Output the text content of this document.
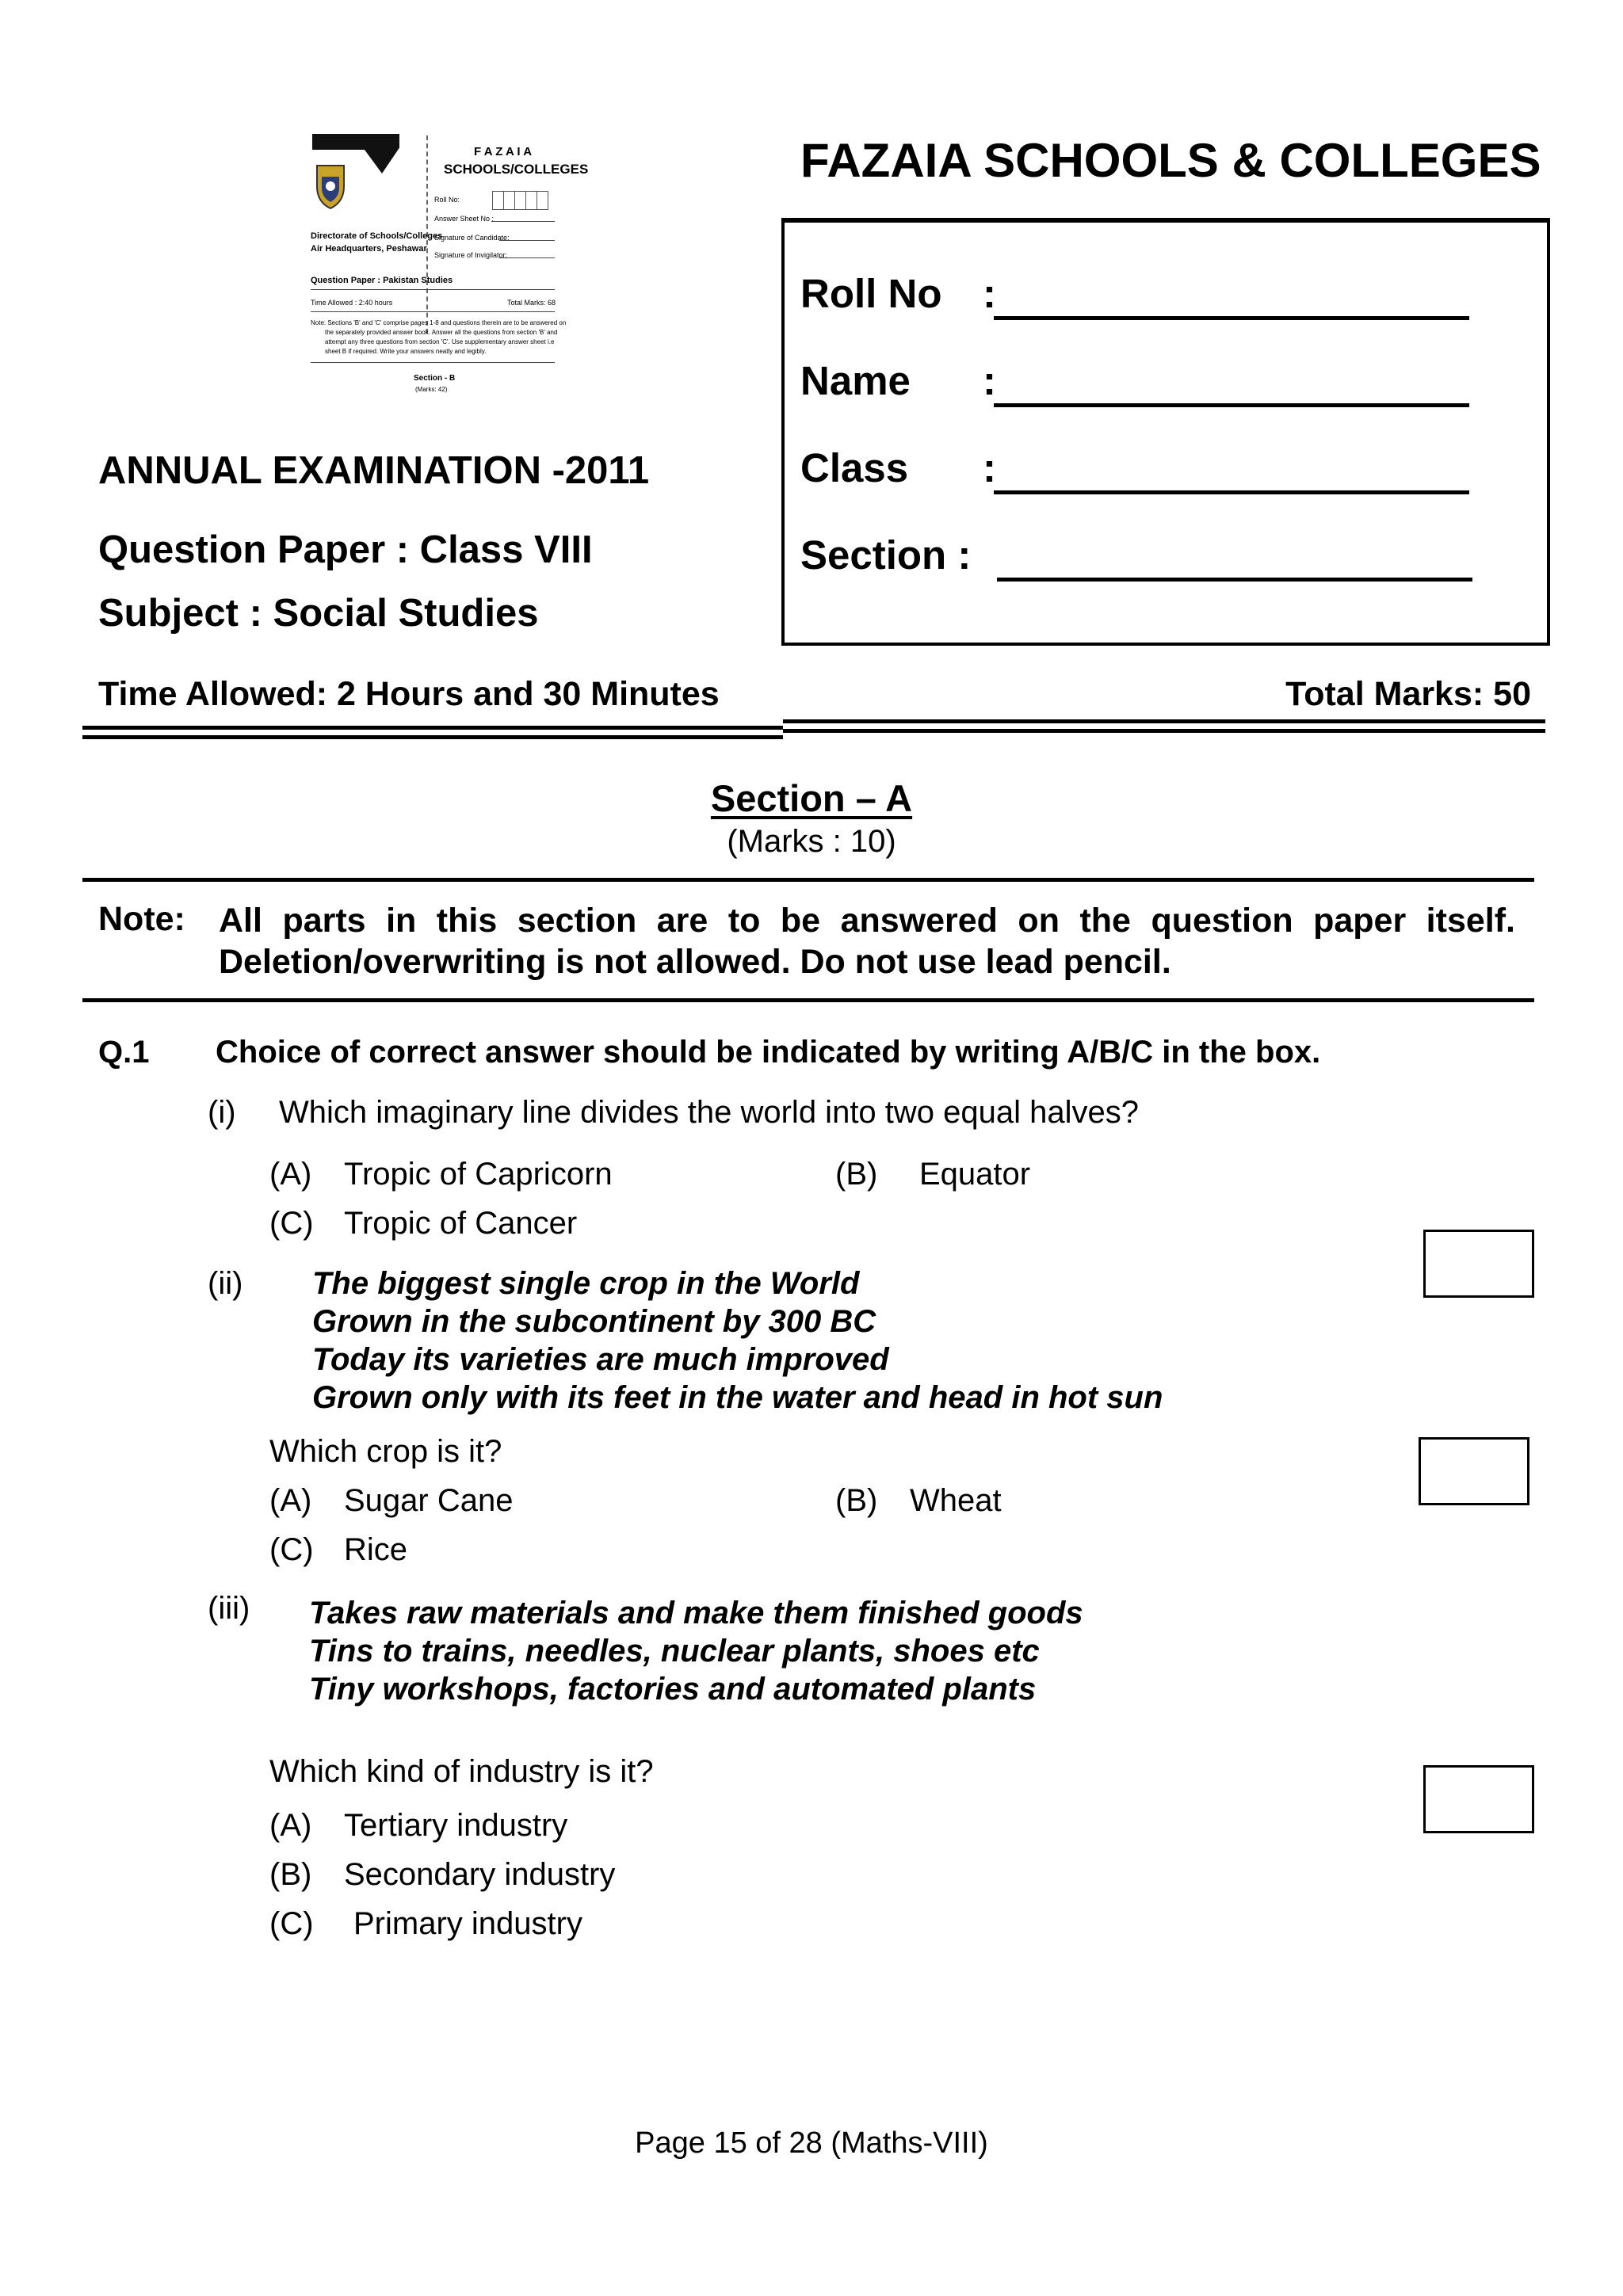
F A Z A I A
SCHOOLS/COLLEGES
Roll No:
Answer Sheet No :
Directorate of Schools/Colleges
Air Headquarters, Peshawar
Signature of Candidate:
Signature of Invigilator:
Question Paper : Pakistan Studies
Time Allowed : 2:40 hours	Total Marks: 68
Note: Sections 'B' and 'C' comprise pages 1-8 and questions therein are to be answered on
the separately provided answer book. Answer all the questions from section 'B' and
attempt any three questions from section 'C'. Use supplementary answer sheet i.e
sheet B if required. Write your answers neatly and legibly.
Section - B
(Marks: 42)
FAZAIA SCHOOLS & COLLEGES
Roll No :
Name :
Class :
Section :
ANNUAL EXAMINATION -2011
Question Paper : Class VIII
Subject : Social Studies
Time Allowed: 2 Hours and 30 Minutes	Total Marks: 50
Section – A
(Marks : 10)
Note: All parts in this section are to be answered on the question paper itself. Deletion/overwriting is not allowed. Do not use lead pencil.
Q.1 Choice of correct answer should be indicated by writing A/B/C in the box.
(i) Which imaginary line divides the world into two equal halves?
(A) Tropic of Capricorn	(B) Equator
(C) Tropic of Cancer
(ii) The biggest single crop in the World
Grown in the subcontinent by 300 BC
Today its varieties are much improved
Grown only with its feet in the water and head in hot sun
Which crop is it?
(A) Sugar Cane	(B) Wheat
(C) Rice
(iii) Takes raw materials and make them finished goods
Tins to trains, needles, nuclear plants, shoes etc
Tiny workshops, factories and automated plants
Which kind of industry is it?
(A) Tertiary industry
(B) Secondary industry
(C) Primary industry
Page 15 of 28 (Maths-VIII)
